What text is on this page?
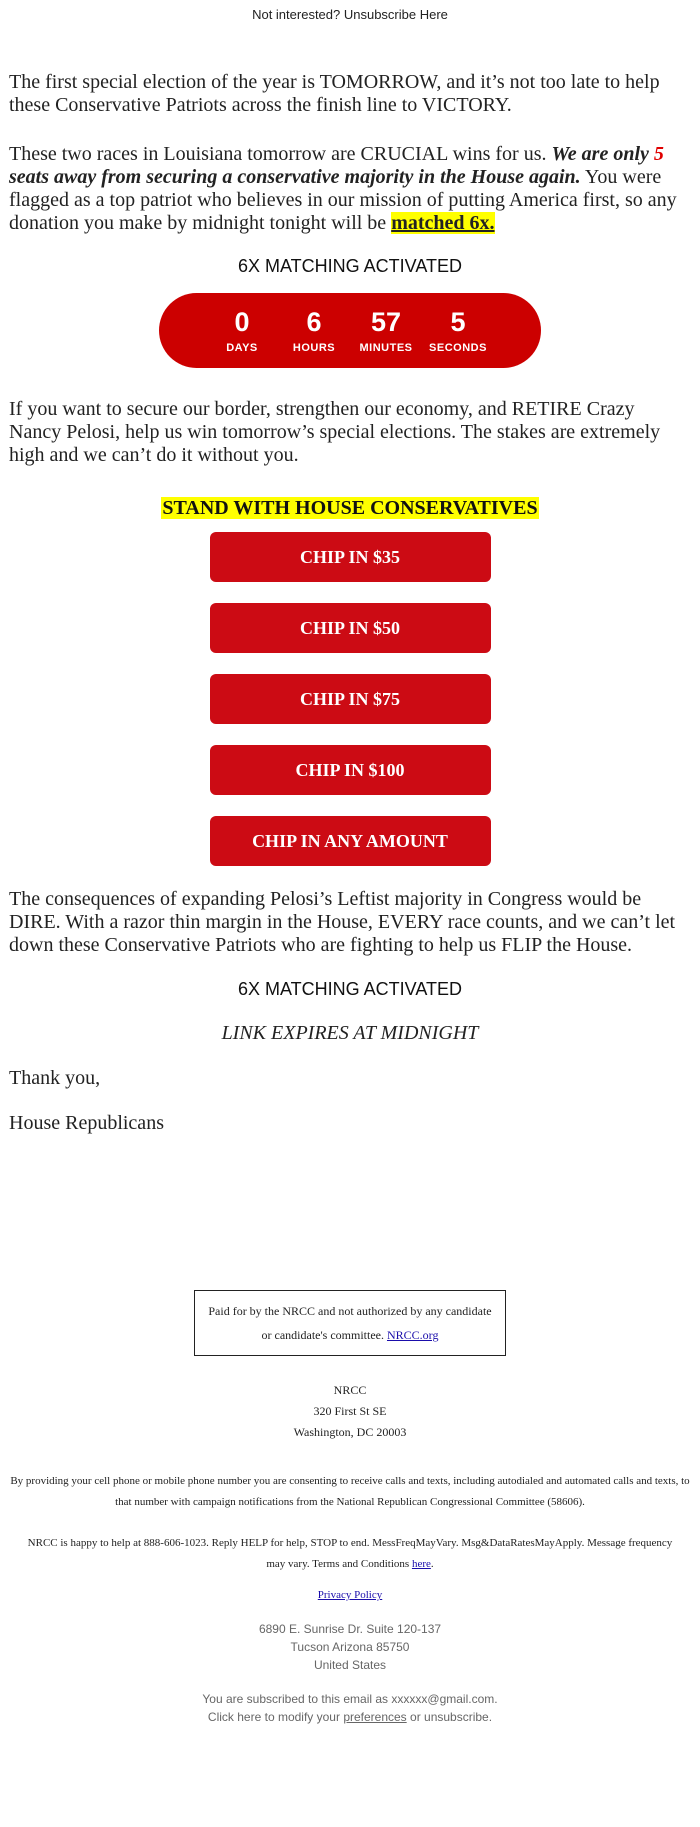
Not interested? Unsubscribe Here

The first special election of the year is TOMORROW, and it’s not too late to help these Conservative Patriots across the finish line to VICTORY.

These two races in Louisiana tomorrow are CRUCIAL wins for us. We are only 5 seats away from securing a conservative majority in the House again. You were flagged as a top patriot who believes in our mission of putting America first, so any donation you make by midnight tonight will be matched 6x.

6X MATCHING ACTIVATED
0
DAYS
6
HOURS
57
MINUTES
5
SECONDS

If you want to secure our border, strengthen our economy, and RETIRE Crazy Nancy Pelosi, help us win tomorrow’s special elections. The stakes are extremely high and we can’t do it without you.

STAND WITH HOUSE CONSERVATIVES
CHIP IN $35
CHIP IN $50
CHIP IN $75
CHIP IN $100
CHIP IN ANY AMOUNT

The consequences of expanding Pelosi’s Leftist majority in Congress would be DIRE. With a razor thin margin in the House, EVERY race counts, and we can’t let down these Conservative Patriots who are fighting to help us FLIP the House.

6X MATCHING ACTIVATED
LINK EXPIRES AT MIDNIGHT

Thank you,

House Republicans

Paid for by the NRCC and not authorized by any candidate or candidate's committee. NRCC.org
NRCC
320 First St SE
Washington, DC 20003
By providing your cell phone or mobile phone number you are consenting to receive calls and texts, including autodialed and automated calls and texts, to that number with campaign notifications from the National Republican Congressional Committee (58606).
NRCC is happy to help at 888-606-1023. Reply HELP for help, STOP to end. MessFreqMayVary. Msg&DataRatesMayApply. Message frequency may vary. Terms and Conditions here.
Privacy Policy
6890 E. Sunrise Dr. Suite 120-137
Tucson Arizona 85750
United States
You are subscribed to this email as xxxxxx@gmail.com.
Click here to modify your preferences or unsubscribe.
